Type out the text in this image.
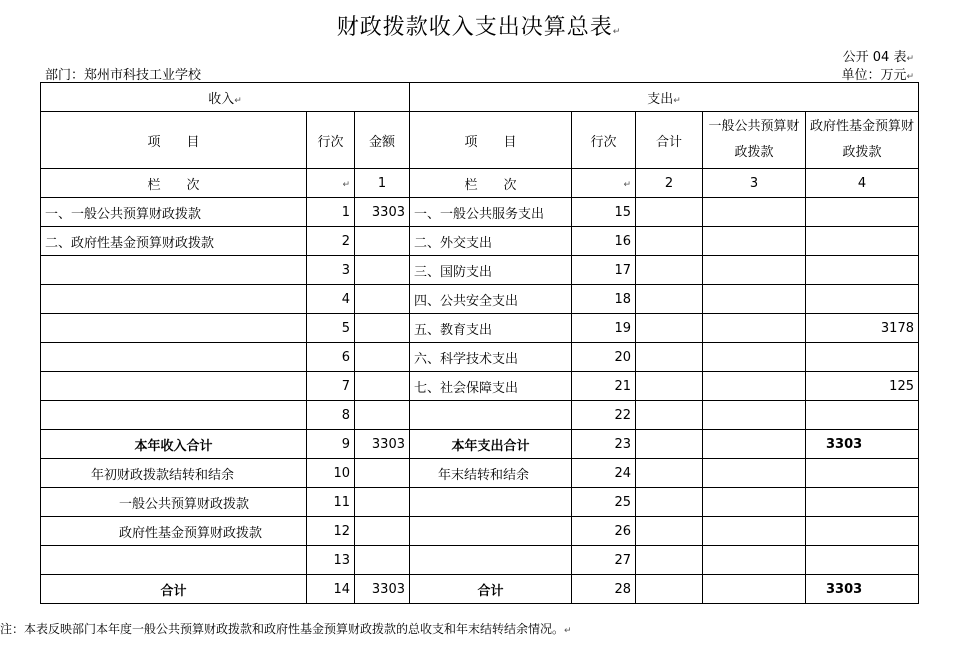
财政拨款收入支出决算总表↵
公开 04 表↵
部门：郑州市科技工业学校	单位：万元↵
收入↵			支出↵				
项　　目	行次	金额	项　　目	行次	合计	一般公共预算财政拨款	政府性基金预算财政拨款
栏　　次	↵	1	栏　　次	↵	2	3	4
一、一般公共预算财政拨款	1	3303	一、一般公共服务支出	15			
二、政府性基金预算财政拨款	2		二、外交支出	16			
	3		三、国防支出	17			
	4		四、公共安全支出	18			
	5		五、教育支出	19			3178
	6		六、科学技术支出	20			
	7		七、社会保障支出	21			125
	8			22			
本年收入合计	9	3303	本年支出合计	23			3303
年初财政拨款结转和结余	10		年末结转和结余	24			
一般公共预算财政拨款	11			25			
政府性基金预算财政拨款	12			26			
	13			27			
合计	14	3303	合计	28			3303
注：本表反映部门本年度一般公共预算财政拨款和政府性基金预算财政拨款的总收支和年末结转结余情况。↵
